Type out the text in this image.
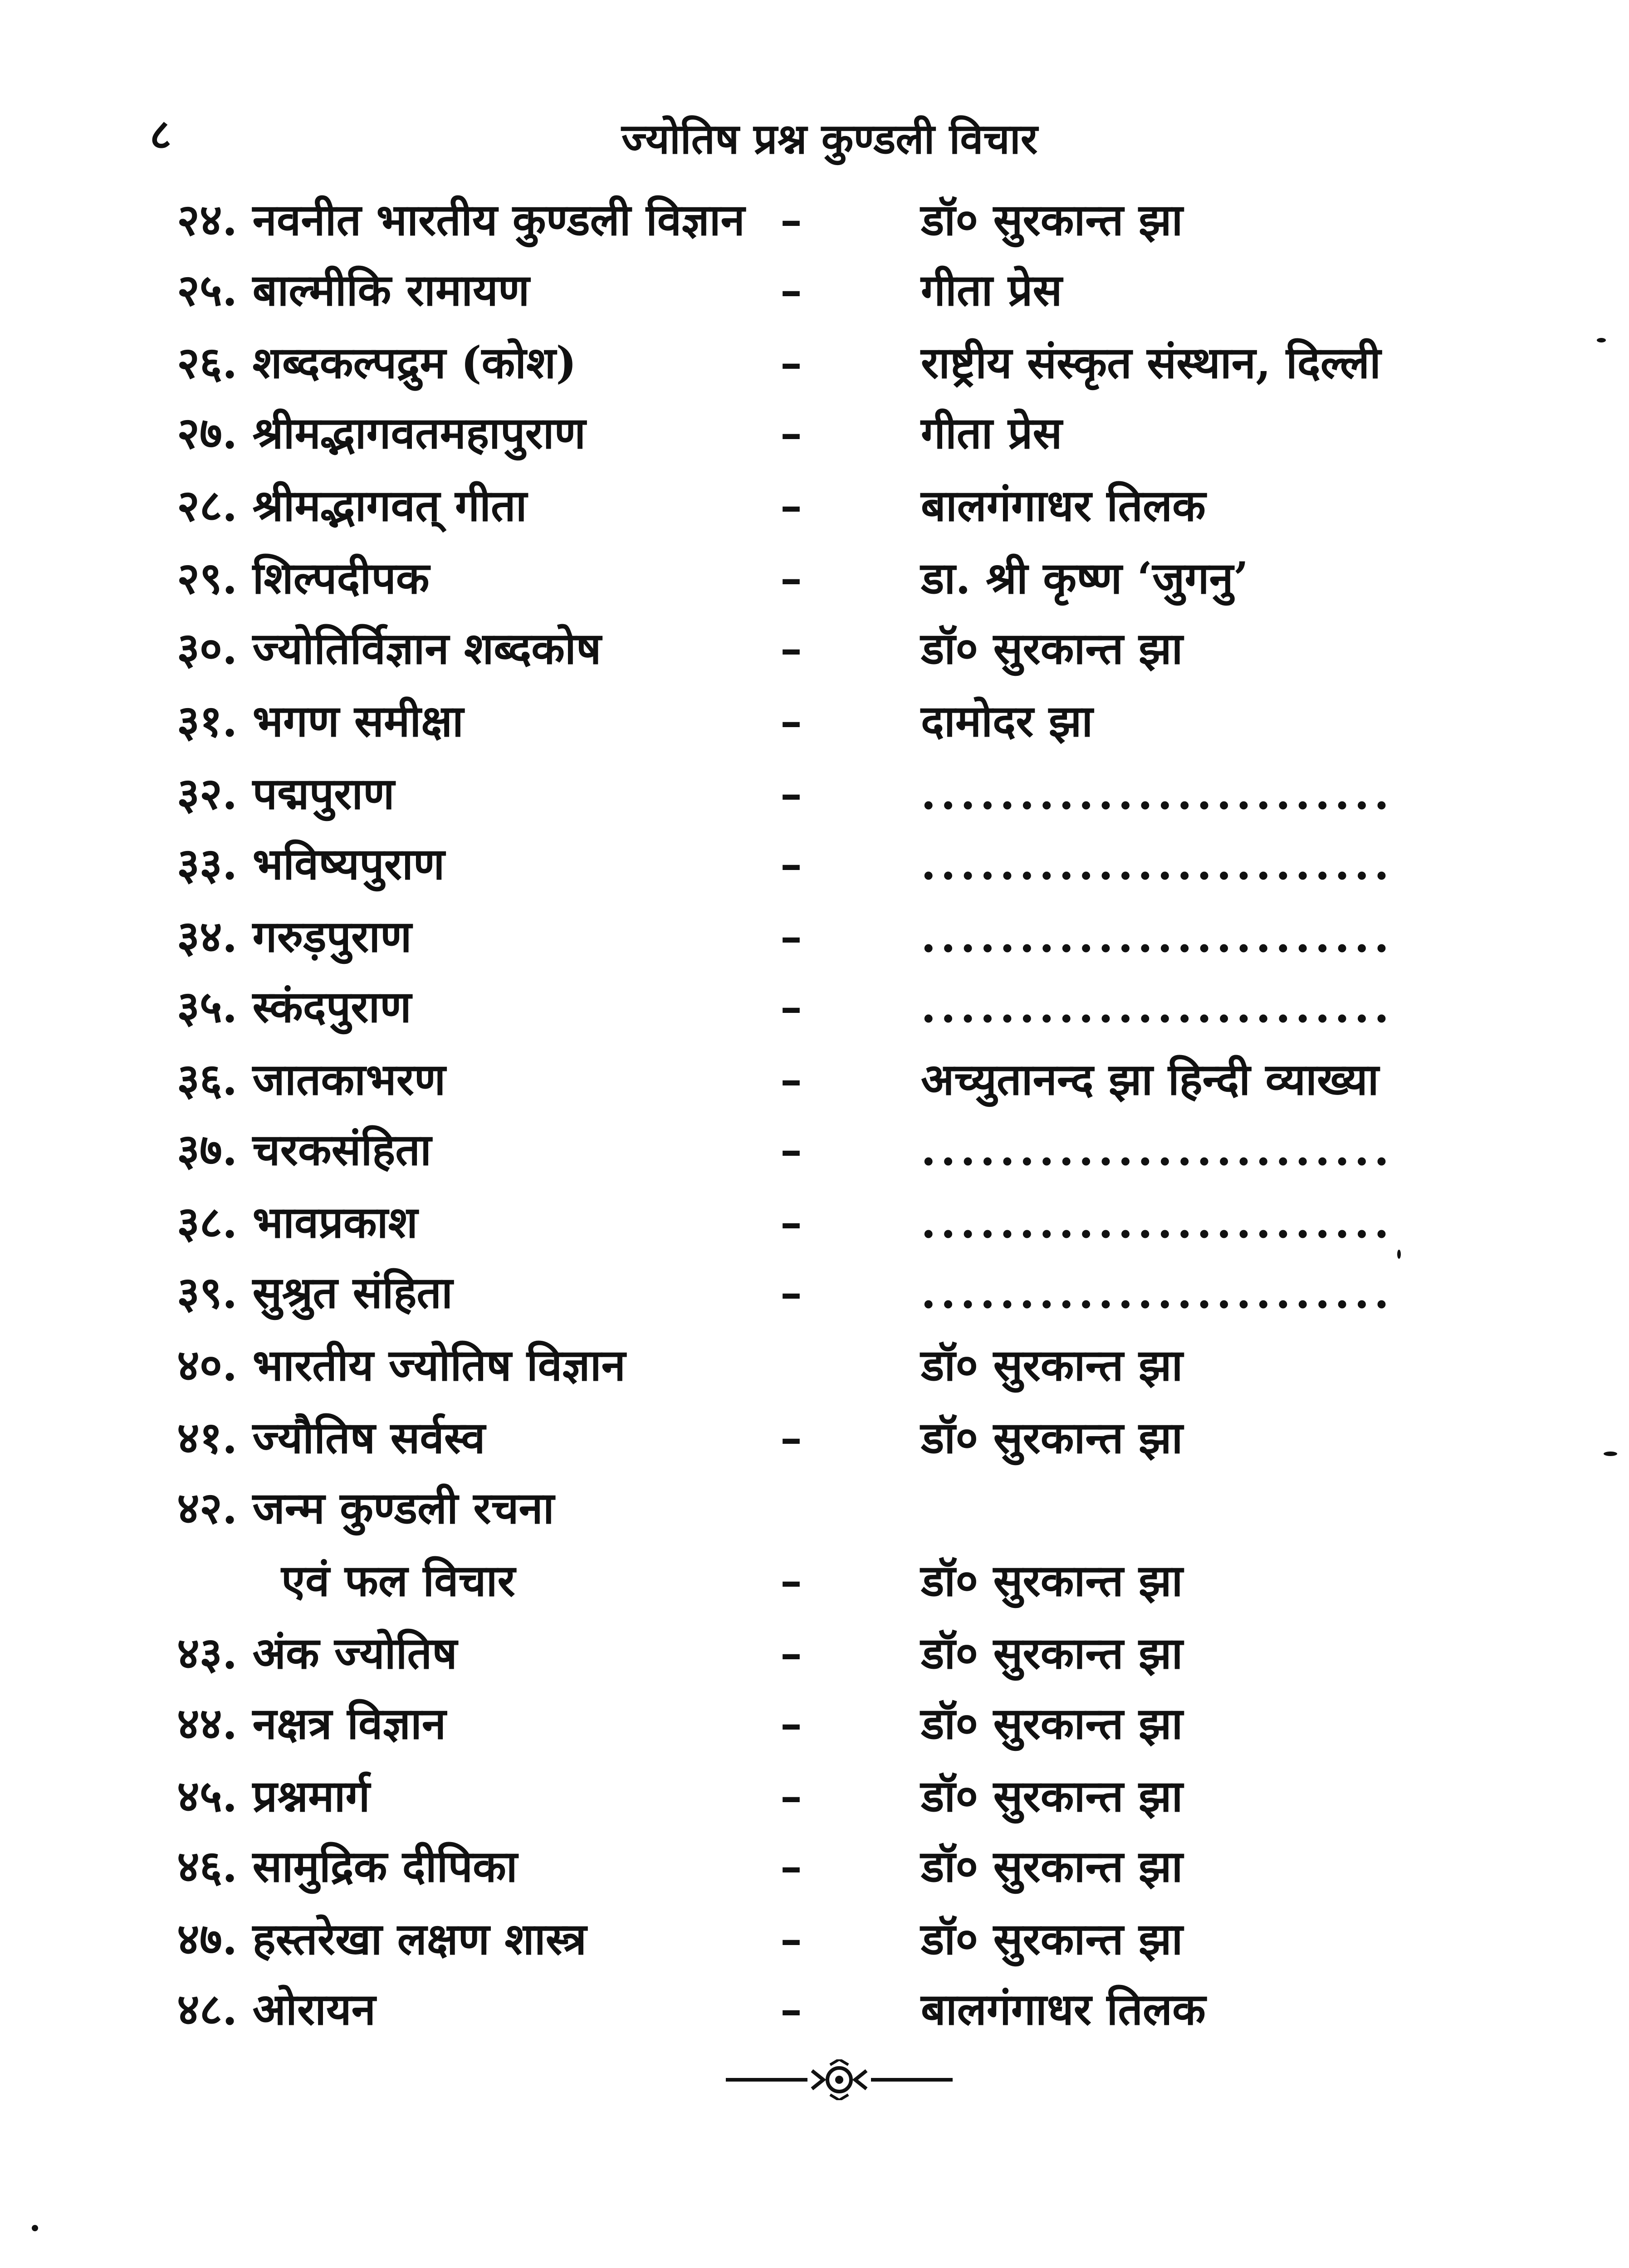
८	ज्योतिष प्रश्न कुण्डली विचार
२४. नवनीत भारतीय कुण्डली विज्ञान –	डॉ० सुरकान्त झा
२५. बाल्मीकि रामायण	–	गीता प्रेस
२६. शब्दकल्पद्रुम (कोश)	–	राष्ट्रीय संस्कृत संस्थान, दिल्ली
२७. श्रीमद्भागवतमहापुराण	–	गीता प्रेस
२८. श्रीमद्भागवत् गीता	–	बालगंगाधर तिलक
२९. शिल्पदीपक	–	डा. श्री कृष्ण ‘जुगनु’
३०. ज्योतिर्विज्ञान शब्दकोष	–	डॉ० सुरकान्त झा
३१. भगण समीक्षा	–	दामोदर झा
३२. पद्मपुराण	–	........................
३३. भविष्यपुराण	–	........................
३४. गरुड़पुराण	–	........................
३५. स्कंदपुराण	–	........................
३६. जातकाभरण	–	अच्युतानन्द झा हिन्दी व्याख्या
३७. चरकसंहिता	–	........................
३८. भावप्रकाश	–	........................
३९. सुश्रुत संहिता	–	........................
४०. भारतीय ज्योतिष विज्ञान	डॉ० सुरकान्त झा
४१. ज्यौतिष सर्वस्व	–	डॉ० सुरकान्त झा
४२. जन्म कुण्डली रचना
एवं फल विचार	–	डॉ० सुरकान्त झा
४३. अंक ज्योतिष	–	डॉ० सुरकान्त झा
४४. नक्षत्र विज्ञान	–	डॉ० सुरकान्त झा
४५. प्रश्नमार्ग	–	डॉ० सुरकान्त झा
४६. सामुद्रिक दीपिका	–	डॉ० सुरकान्त झा
४७. हस्तरेखा लक्षण शास्त्र	–	डॉ० सुरकान्त झा
४८. ओरायन	–	बालगंगाधर तिलक
